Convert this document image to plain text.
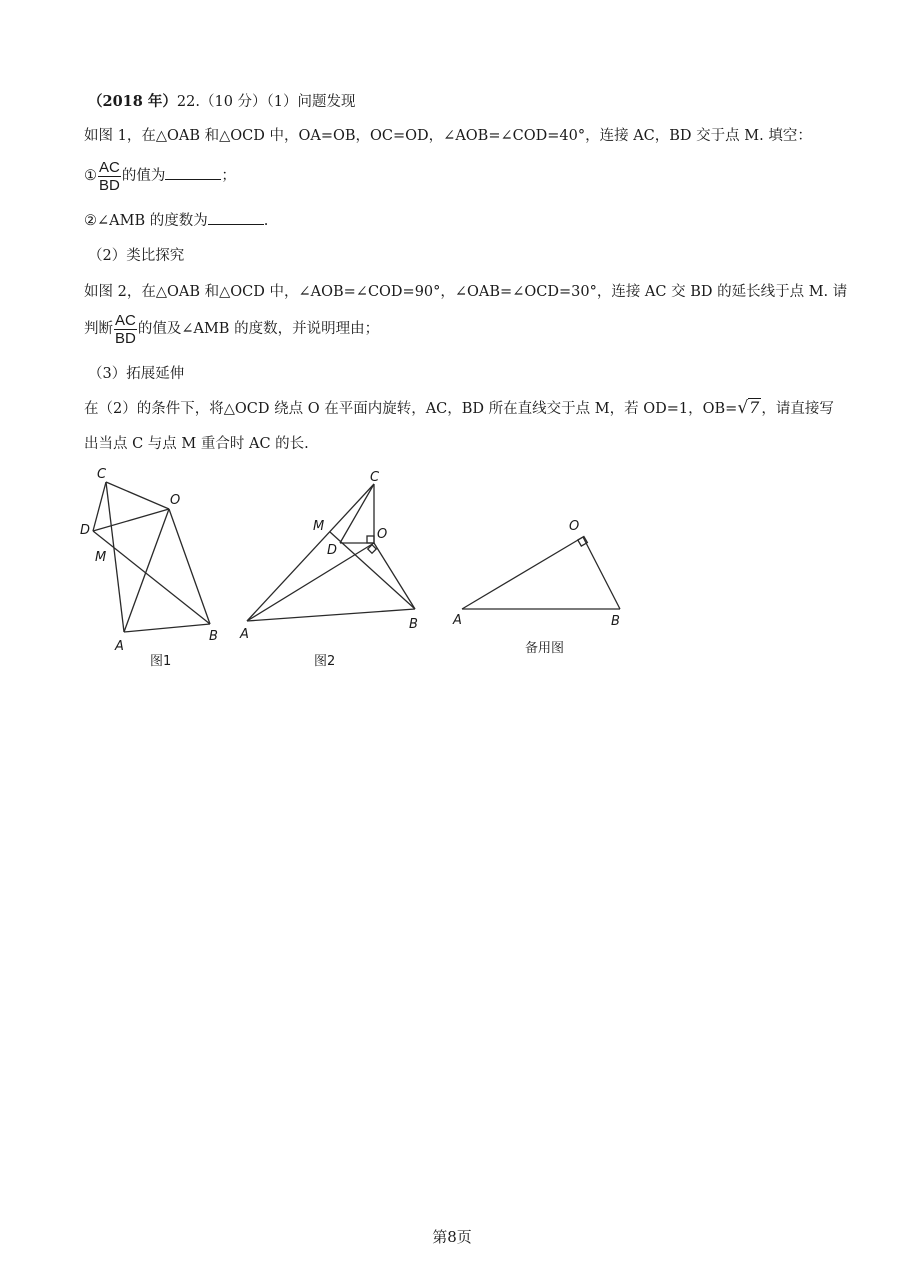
（2018 年）22.（10 分）（1）问题发现
如图 1，在△OAB 和△OCD 中，OA=OB，OC=OD，∠AOB=∠COD=40°，连接 AC，BD 交于点 M. 填空：
① $\frac{AC}{BD}$ 的值为	；
②∠AMB 的度数为	.
（2）类比探究
如图 2，在△OAB 和△OCD 中，∠AOB=∠COD=90°，∠OAB=∠OCD=30°，连接 AC 交 BD 的延长线于点 M. 请
判断 $\frac{AC}{BD}$ 的值及∠AMB 的度数，并说明理由；
（3）拓展延伸
在（2）的条件下，将△OCD 绕点 O 在平面内旋转，AC，BD 所在直线交于点 M，若 OD=1，OB=√7 ，请直接写
出当点 C 与点 M 重合时 AC 的长.
C
O
D
M
A
B
图1
C
M
O
D
A
B
图2
O
A	B
备用图
第8页
